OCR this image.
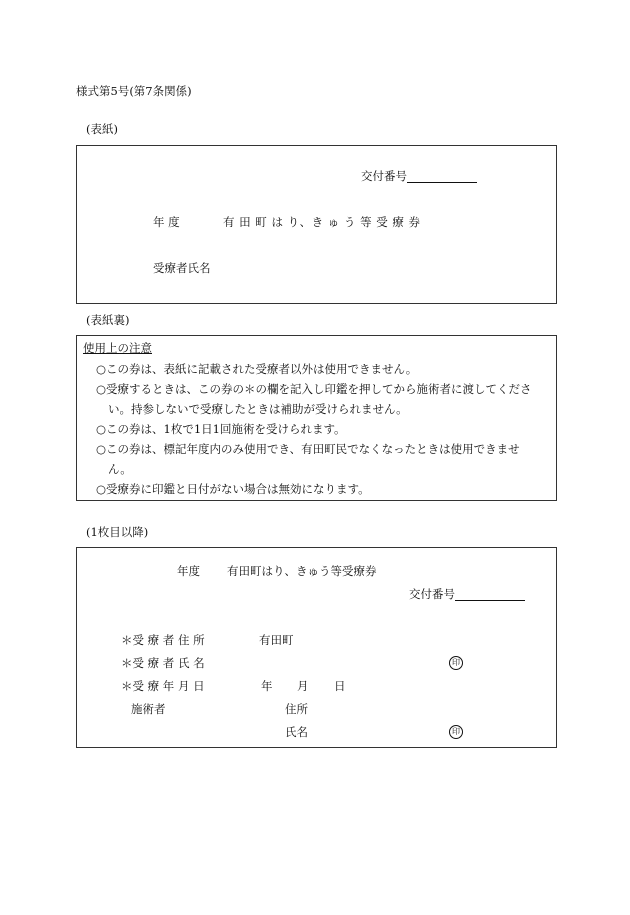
様式第5号(第7条関係)
(表紙)
交付番号
年 度	有 田 町 は り、き ゅ う 等 受 療 券
受療者氏名
(表紙裏)
使用上の注意
○この券は、表紙に記載された受療者以外は使用できません。
○受療するときは、この券の＊の欄を記入し印鑑を押してから施術者に渡してくださ
い。持参しないで受療したときは補助が受けられません。
○この券は、1枚で1日1回施術を受けられます。
○この券は、標記年度内のみ使用でき、有田町民でなくなったときは使用できませ
ん。
○受療券に印鑑と日付がない場合は無効になります。
(1枚目以降)
年度 有田町はり、きゅう等受療券
交付番号
＊受 療 者 住 所	有田町
＊受 療 者 氏 名	印
＊受 療 年 月 日	年 月 日
施術者	住所
氏名	印
